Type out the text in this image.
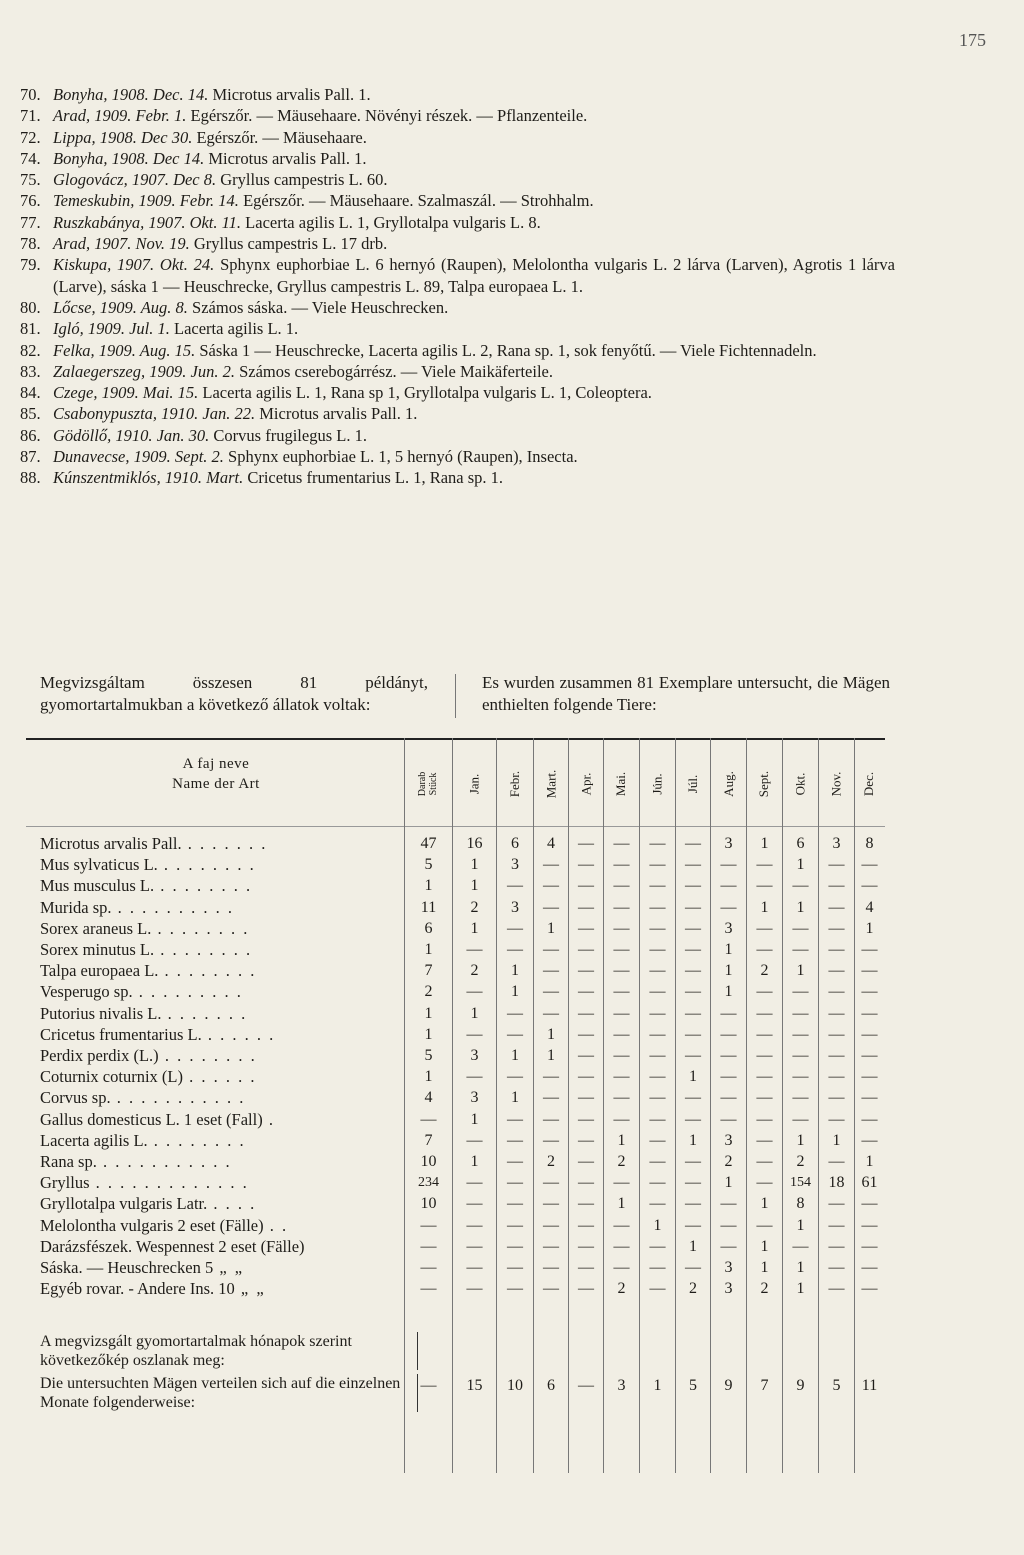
175
70. Bonyha, 1908. Dec. 14. Microtus arvalis Pall. 1.
71. Arad, 1909. Febr. 1. Egérszőr. — Mäusehaare. Növényi részek. — Pflanzenteile.
72. Lippa, 1908. Dec 30. Egérszőr. — Mäusehaare.
74. Bonyha, 1908. Dec 14. Microtus arvalis Pall. 1.
75. Glogovácz, 1907. Dec 8. Gryllus campestris L. 60.
76. Temeskubin, 1909. Febr. 14. Egérszőr. — Mäusehaare. Szalmaszál. — Strohhalm.
77. Ruszkabánya, 1907. Okt. 11. Lacerta agilis L. 1, Gryllotalpa vulgaris L. 8.
78. Arad, 1907. Nov. 19. Gryllus campestris L. 17 drb.
79. Kiskupa, 1907. Okt. 24. Sphynx euphorbiae L. 6 hernyó (Raupen), Melolontha vulgaris L. 2 lárva (Larven), Agrotis 1 lárva (Larve), sáska 1 — Heuschrecke, Gryllus campestris L. 89, Talpa europaea L. 1.
80. Lőcse, 1909. Aug. 8. Számos sáska. — Viele Heuschrecken.
81. Igló, 1909. Jul. 1. Lacerta agilis L. 1.
82. Felka, 1909. Aug. 15. Sáska 1 — Heuschrecke, Lacerta agilis L. 2, Rana sp. 1, sok fenyőtű. — Viele Fichtennadeln.
83. Zalaegerszeg, 1909. Jun. 2. Számos cserebogárrész. — Viele Maikäferteile.
84. Czege, 1909. Mai. 15. Lacerta agilis L. 1, Rana sp 1, Gryllotalpa vulgaris L. 1, Coleoptera.
85. Csabonypuszta, 1910. Jan. 22. Microtus arvalis Pall. 1.
86. Gödöllő, 1910. Jan. 30. Corvus frugilegus L. 1.
87. Dunavecse, 1909. Sept. 2. Sphynx euphorbiae L. 1, 5 hernyó (Raupen), Insecta.
88. Kúnszentmiklós, 1910. Mart. Cricetus frumentarius L. 1, Rana sp. 1.
Megvizsgáltam összesen 81 példányt, gyomortartalmukban a következő állatok voltak:
Es wurden zusammen 81 Exemplare untersucht, die Mägen enthielten folgende Tiere:
A faj neve
Name der Art	Darab Stück Jan. Febr. Mart. Apr. Mai. Jún. Júl. Aug. Sept. Okt. Nov. Dec.
Microtus arvalis Pall. . . . . . . .	47	16	6	4	—	—	—	—	3	1	6	3	8
Mus sylvaticus L. . . . . . . . .	5	1	3	—	—	—	—	—	—	—	1	—	—
Mus musculus L. . . . . . . . .	1	1	—	—	—	—	—	—	—	—	—	—	—
Murida sp. . . . . . . . . . .	11	2	3	—	—	—	—	—	—	1	1	—	4
Sorex araneus L. . . . . . . . .	6	1	—	1	—	—	—	—	3	—	—	—	1
Sorex minutus L. . . . . . . . .	1	—	—	—	—	—	—	—	1	—	—	—	—
Talpa europaea L. . . . . . . . .	7	2	1	—	—	—	—	—	1	2	1	—	—
Vesperugo sp. . . . . . . . . .	2	—	1	—	—	—	—	—	1	—	—	—	—
Putorius nivalis L. . . . . . . .	1	1	—	—	—	—	—	—	—	—	—	—	—
Cricetus frumentarius L. . . . . . .	1	—	—	1	—	—	—	—	—	—	—	—	—
Perdix perdix (L.) . . . . . . . .	5	3	1	1	—	—	—	—	—	—	—	—	—
Coturnix coturnix (L) . . . . . .	1	—	—	—	—	—	—	1	—	—	—	—	—
Corvus sp. . . . . . . . . . . .	4	3	1	—	—	—	—	—	—	—	—	—	—
Gallus domesticus L. 1 eset (Fall) .	—	1	—	—	—	—	—	—	—	—	—	—	—
Lacerta agilis L. . . . . . . . .	7	—	—	—	—	1	—	1	3	—	1	1	—
Rana sp. . . . . . . . . . . .	10	1	—	2	—	2	—	—	2	—	2	—	1
Gryllus . . . . . . . . . . . . .	234	—	—	—	—	—	—	—	1	—	154	18	61
Gryllotalpa vulgaris Latr. . . . .	10	—	—	—	—	1	—	—	—	1	8	—	—
Melolontha vulgaris 2 eset (Fälle) . .	—	—	—	—	—	—	1	—	—	—	1	—	—
Darázsfészek. Wespennest 2 eset (Fälle)	—	—	—	—	—	—	—	1	—	1	—	—	—
Sáska. — Heuschrecken 5 „ „	—	—	—	—	—	—	—	—	3	1	1	—	—
Egyéb rovar. - Andere Ins. 10 „ „	—	—	—	—	—	2	—	2	3	2	1	—	—

A megvizsgált gyomortartalmak hónapok szerint következőkép oszlanak meg:

Die untersuchten Mägen verteilen sich auf die einzelnen Monate folgenderweise:

—	15	10	6	—	3	1	5	9	7	9	5	11
